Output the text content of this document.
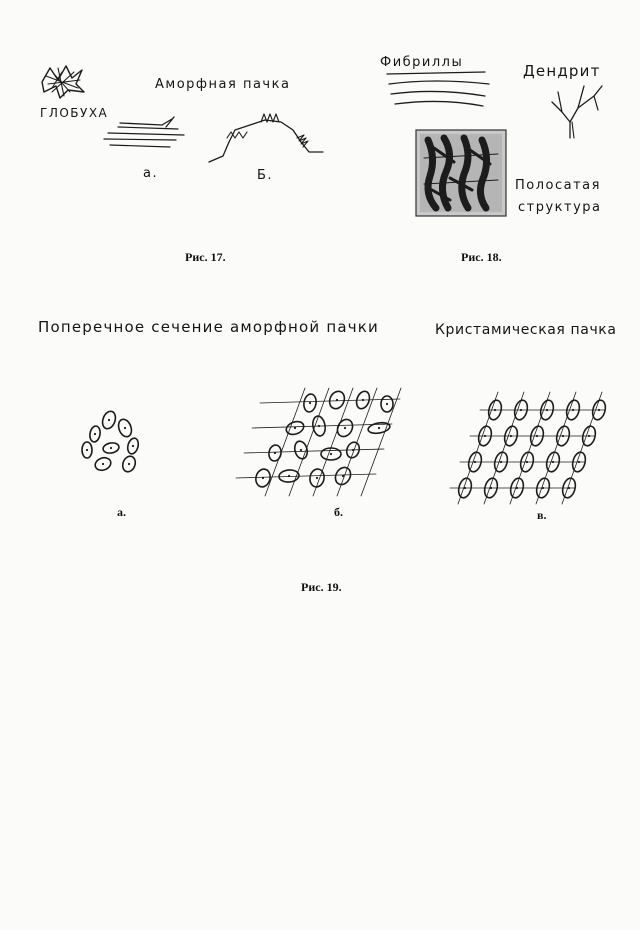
ГЛОБУХА
Аморфная пачка
а.	Б.
Рис. 17.
Фибриллы	Дендрит
Полосатая
структура
Рис. 18.
Поперечное сечение аморфной пачки	Кристамическая пачка
а.	б.	в.
Рис. 19.
